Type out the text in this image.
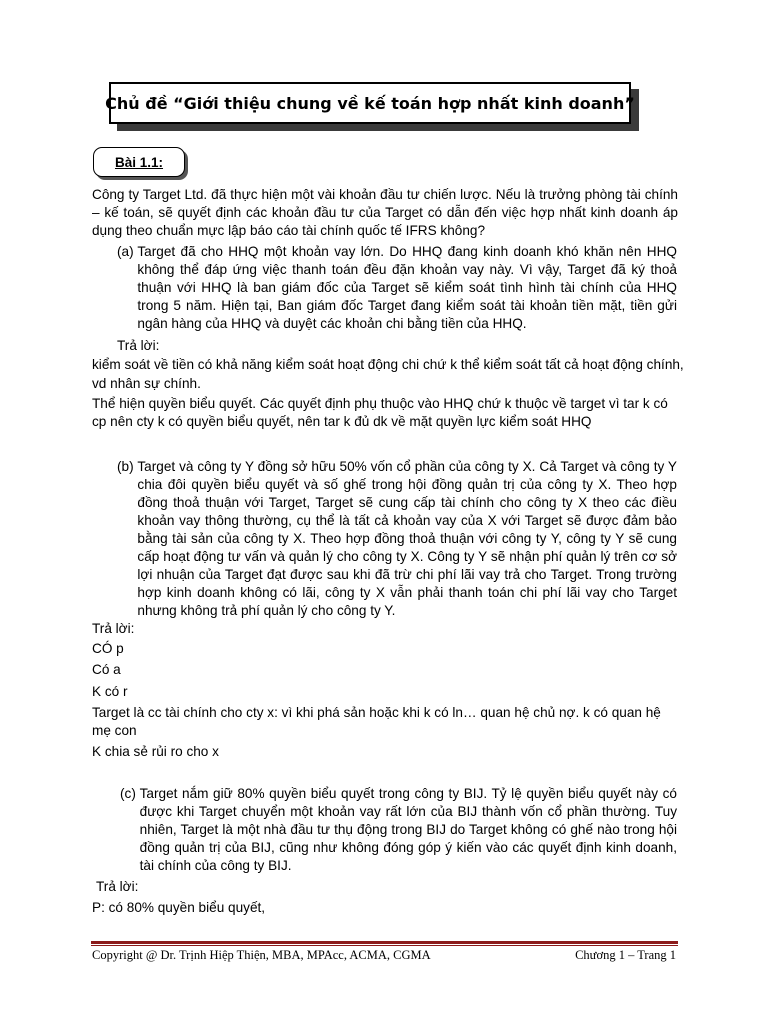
Chủ đề “Giới thiệu chung về kế toán hợp nhất kinh doanh”
Bài 1.1:

Công ty Target Ltd. đã thực hiện một vài khoản đầu tư chiến lược. Nếu là trưởng phòng tài chính – kế toán, sẽ quyết định các khoản đầu tư của Target có dẫn đến việc hợp nhất kinh doanh áp dụng theo chuẩn mực lập báo cáo tài chính quốc tế IFRS không?

(a) Target đã cho HHQ một khoản vay lớn. Do HHQ đang kinh doanh khó khăn nên HHQ không thể đáp ứng việc thanh toán đều đặn khoản vay này. Vì vậy, Target đã ký thoả thuận với HHQ là ban giám đốc của Target sẽ kiểm soát tình hình tài chính của HHQ trong 5 năm. Hiện tại, Ban giám đốc Target đang kiểm soát tài khoản tiền mặt, tiền gửi ngân hàng của HHQ và duyệt các khoản chi bằng tiền của HHQ.
Trả lời:
kiểm soát về tiền có khả năng kiểm soát hoạt động chi chứ k thể kiểm soát tất cả hoạt động chính,
vd nhân sự chính.
Thể hiện quyền biểu quyết. Các quyết định phụ thuộc vào HHQ chứ k thuộc về target vì tar k có
cp nên cty k có quyền biểu quyết, nên tar k đủ dk về mặt quyền lực kiểm soát HHQ
(b) Target và công ty Y đồng sở hữu 50% vốn cổ phần của công ty X. Cả Target và công ty Y chia đôi quyền biểu quyết và số ghế trong hội đồng quản trị của công ty X. Theo hợp đồng thoả thuận với Target, Target sẽ cung cấp tài chính cho công ty X theo các điều khoản vay thông thường, cụ thể là tất cả khoản vay của X với Target sẽ được đảm bảo bằng tài sản của công ty X. Theo hợp đồng thoả thuận với công ty Y, công ty Y sẽ cung cấp hoạt động tư vấn và quản lý cho công ty X. Công ty Y sẽ nhận phí quản lý trên cơ sở lợi nhuận của Target đạt được sau khi đã trừ chi phí lãi vay trả cho Target. Trong trường hợp kinh doanh không có lãi, công ty X vẫn phải thanh toán chi phí lãi vay cho Target nhưng không trả phí quản lý cho công ty Y.
Trả lời:
CÓ p
Có a
K có r
Target là cc tài chính cho cty x: vì khi phá sản hoặc khi k có ln… quan hệ chủ nợ. k có quan hệ
mẹ con
K chia sẻ rủi ro cho x
(c) Target nắm giữ 80% quyền biểu quyết trong công ty BIJ. Tỷ lệ quyền biểu quyết này có được khi Target chuyển một khoản vay rất lớn của BIJ thành vốn cổ phần thường. Tuy nhiên, Target là một nhà đầu tư thụ động trong BIJ do Target không có ghế nào trong hội đồng quản trị của BIJ, cũng như không đóng góp ý kiến vào các quyết định kinh doanh, tài chính của công ty BIJ.
Trả lời:
P: có 80% quyền biểu quyết,
Copyright @ Dr. Trịnh Hiệp Thiện, MBA, MPAcc, ACMA, CGMA	Chương 1 – Trang 1
